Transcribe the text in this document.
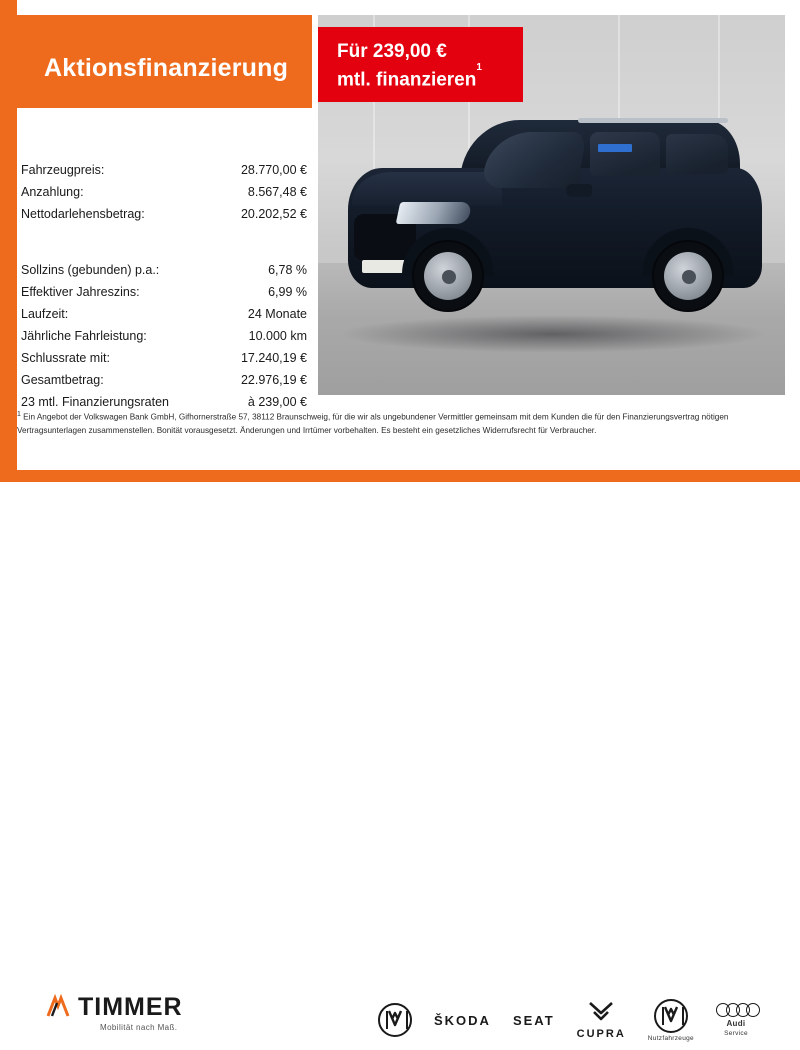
Aktionsfinanzierung
Für 239,00 €
mtl. finanzieren$^1$
Fahrzeugpreis:	28.770,00 €
Anzahlung:	8.567,48 €
Nettodarlehensbetrag:	20.202,52 €
Sollzins (gebunden) p.a.:	6,78 %
Effektiver Jahreszins:	6,99 %
Laufzeit:	24 Monate
Jährliche Fahrleistung:	10.000 km
Schlussrate mit:	17.240,19 €
Gesamtbetrag:	22.976,19 €
23 mtl. Finanzierungsraten	à 239,00 €
$^1$ Ein Angebot der Volkswagen Bank GmbH, Gifhornerstraße 57, 38112 Braunschweig, für die wir als ungebundener Vermittler gemeinsam mit dem Kunden die für den Finanzierungsvertrag nötigen Vertragsunterlagen zusammenstellen. Bonität vorausgesetzt. Änderungen und Irrtümer vorbehalten. Es besteht ein gesetzliches Widerrufsrecht für Verbraucher.
TIMMER
Mobilität nach Maß.	ŠKODA SEAT
CUPRA	Nutzfahrzeuge
Audi
Service
